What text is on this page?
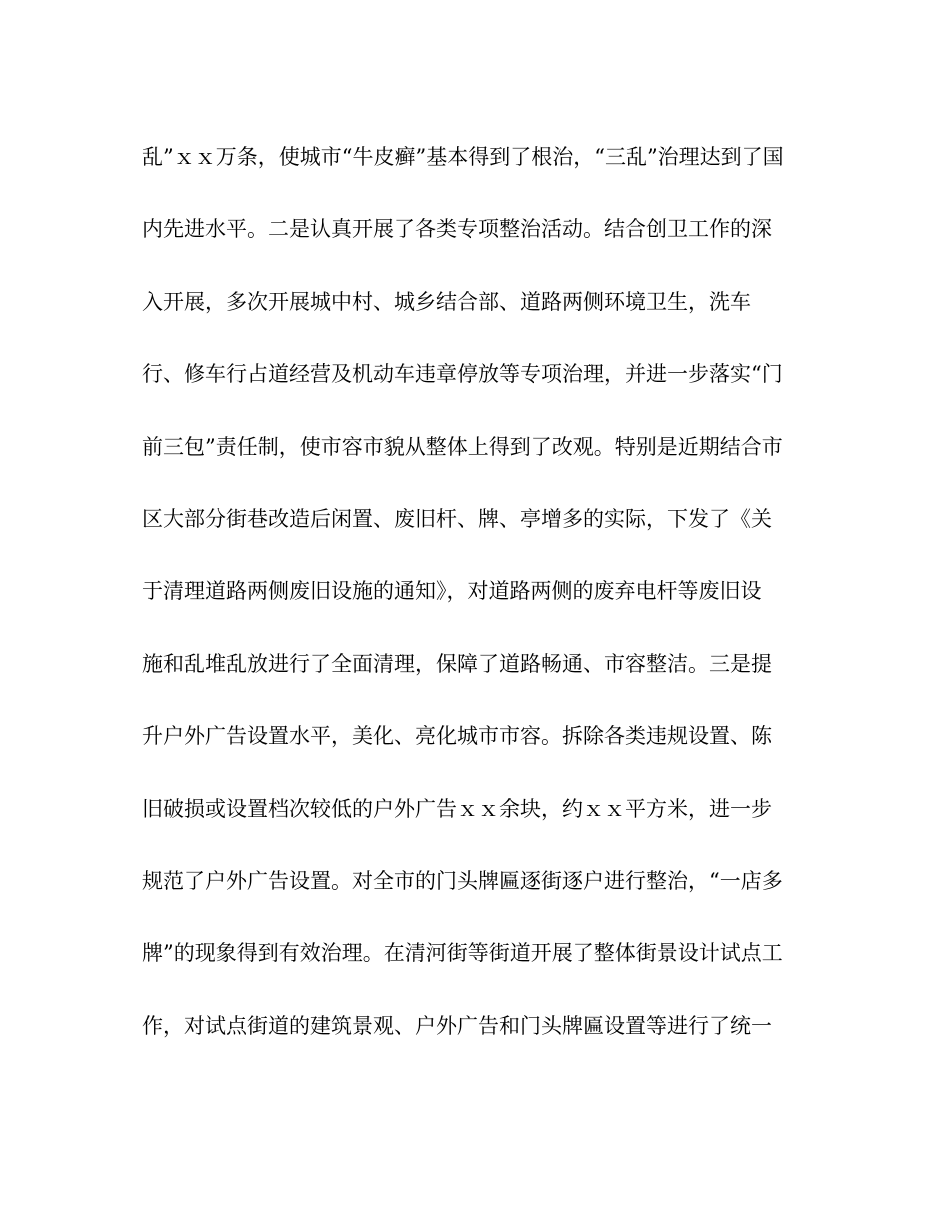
乱”ｘｘ万条，使城市“牛皮癣”基本得到了根治，“三乱”治理达到了国
内先进水平。二是认真开展了各类专项整治活动。结合创卫工作的深
入开展，多次开展城中村、城乡结合部、道路两侧环境卫生，洗车
行、修车行占道经营及机动车违章停放等专项治理，并进一步落实“门
前三包”责任制，使市容市貌从整体上得到了改观。特别是近期结合市
区大部分街巷改造后闲置、废旧杆、牌、亭增多的实际，下发了《关
于清理道路两侧废旧设施的通知》，对道路两侧的废弃电杆等废旧设
施和乱堆乱放进行了全面清理，保障了道路畅通、市容整洁。三是提
升户外广告设置水平，美化、亮化城市市容。拆除各类违规设置、陈
旧破损或设置档次较低的户外广告ｘｘ余块，约ｘｘ平方米，进一步
规范了户外广告设置。对全市的门头牌匾逐街逐户进行整治，“一店多
牌”的现象得到有效治理。在清河街等街道开展了整体街景设计试点工
作，对试点街道的建筑景观、户外广告和门头牌匾设置等进行了统一
